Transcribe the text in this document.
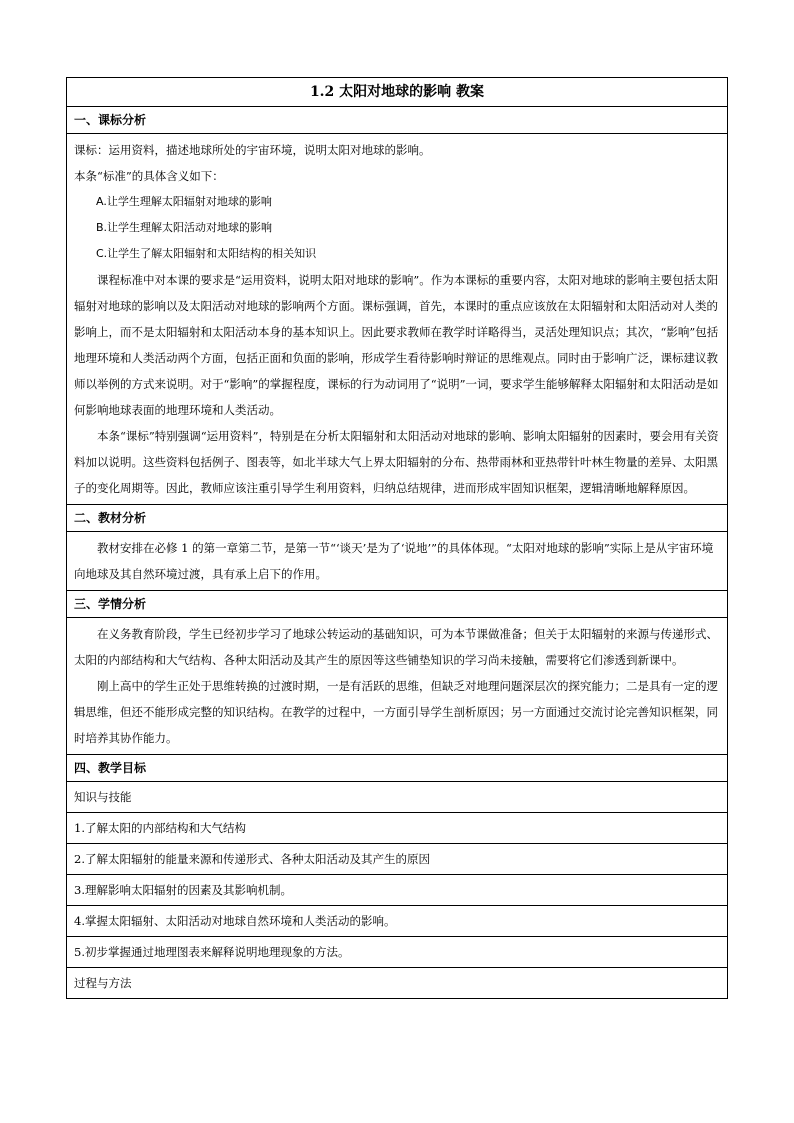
1.2 太阳对地球的影响 教案
一、课标分析

课标：运用资料，描述地球所处的宇宙环境，说明太阳对地球的影响。

本条“标准”的具体含义如下：

A.让学生理解太阳辐射对地球的影响

B.让学生理解太阳活动对地球的影响

C.让学生了解太阳辐射和太阳结构的相关知识

课程标准中对本课的要求是“运用资料，说明太阳对地球的影响”。作为本课标的重要内容，太阳对地球的影响主要包括太阳辐射对地球的影响以及太阳活动对地球的影响两个方面。课标强调，首先，本课时的重点应该放在太阳辐射和太阳活动对人类的影响上，而不是太阳辐射和太阳活动本身的基本知识上。因此要求教师在教学时详略得当，灵活处理知识点；其次，“影响”包括地理环境和人类活动两个方面，包括正面和负面的影响，形成学生看待影响时辩证的思维观点。同时由于影响广泛，课标建议教师以举例的方式来说明。对于“影响”的掌握程度，课标的行为动词用了“说明”一词，要求学生能够解释太阳辐射和太阳活动是如何影响地球表面的地理环境和人类活动。

本条“课标”特别强调“运用资料”，特别是在分析太阳辐射和太阳活动对地球的影响、影响太阳辐射的因素时，要会用有关资料加以说明。这些资料包括例子、图表等，如北半球大气上界太阳辐射的分布、热带雨林和亚热带针叶林生物量的差异、太阳黑子的变化周期等。因此，教师应该注重引导学生利用资料，归纳总结规律，进而形成牢固知识框架，逻辑清晰地解释原因。

二、教材分析

教材安排在必修 1 的第一章第二节，是第一节“‘谈天’是为了‘说地’”的具体体现。“太阳对地球的影响”实际上是从宇宙环境向地球及其自然环境过渡，具有承上启下的作用。

三、学情分析

在义务教育阶段，学生已经初步学习了地球公转运动的基础知识，可为本节课做准备；但关于太阳辐射的来源与传递形式、太阳的内部结构和大气结构、各种太阳活动及其产生的原因等这些铺垫知识的学习尚未接触，需要将它们渗透到新课中。

刚上高中的学生正处于思维转换的过渡时期，一是有活跃的思维，但缺乏对地理问题深层次的探究能力；二是具有一定的逻辑思维，但还不能形成完整的知识结构。在教学的过程中，一方面引导学生剖析原因；另一方面通过交流讨论完善知识框架，同时培养其协作能力。

四、教学目标
知识与技能
1.了解太阳的内部结构和大气结构
2.了解太阳辐射的能量来源和传递形式、各种太阳活动及其产生的原因
3.理解影响太阳辐射的因素及其影响机制。
4.掌握太阳辐射、太阳活动对地球自然环境和人类活动的影响。
5.初步掌握通过地理图表来解释说明地理现象的方法。
过程与方法
